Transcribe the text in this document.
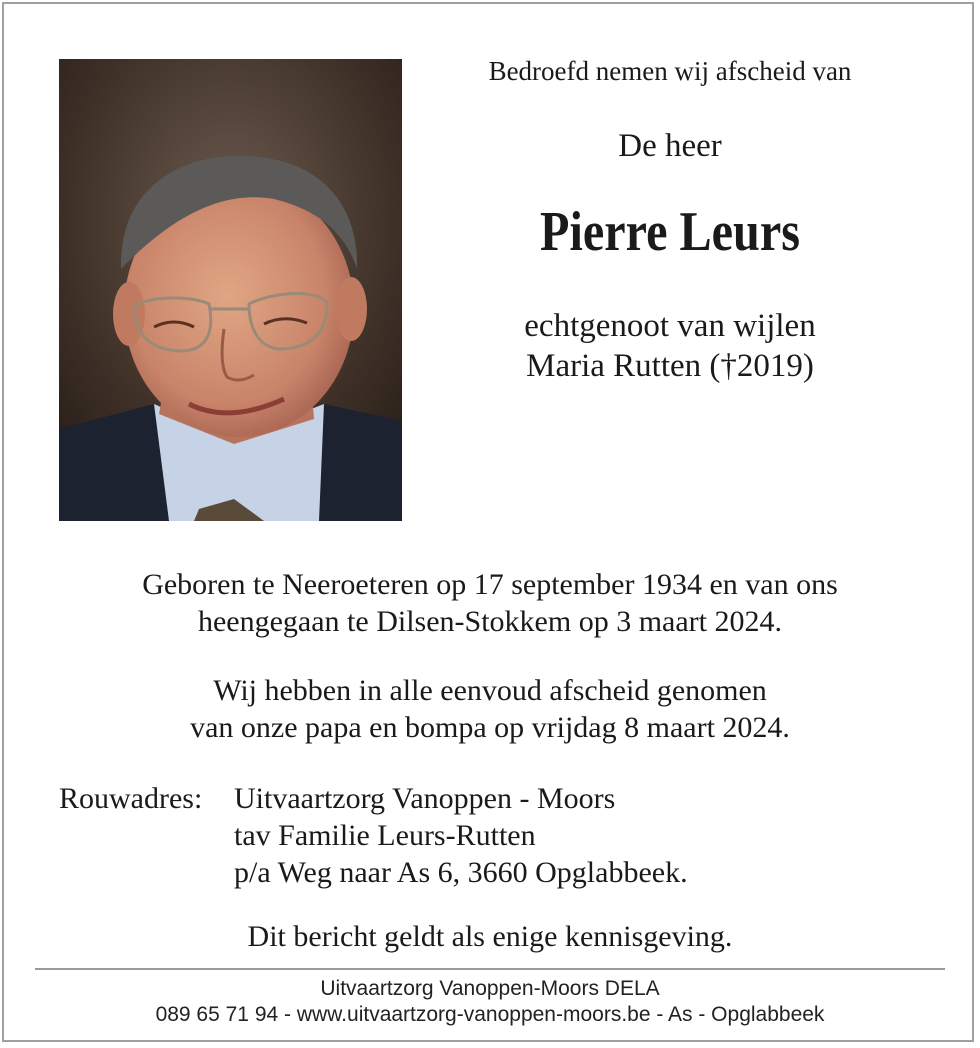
Bedroefd nemen wij afscheid van
De heer
Pierre Leurs
echtgenoot van wijlen
Maria Rutten (†2019)
Geboren te Neeroeteren op 17 september 1934 en van ons
heengegaan te Dilsen-Stokkem op 3 maart 2024.
Wij hebben in alle eenvoud afscheid genomen
van onze papa en bompa op vrijdag 8 maart 2024.
Rouwadres:	Uitvaartzorg Vanoppen - Moors
tav Familie Leurs-Rutten
p/a Weg naar As 6, 3660 Opglabbeek.
Dit bericht geldt als enige kennisgeving.
Uitvaartzorg Vanoppen-Moors DELA
089 65 71 94 - www.uitvaartzorg-vanoppen-moors.be - As - Opglabbeek
